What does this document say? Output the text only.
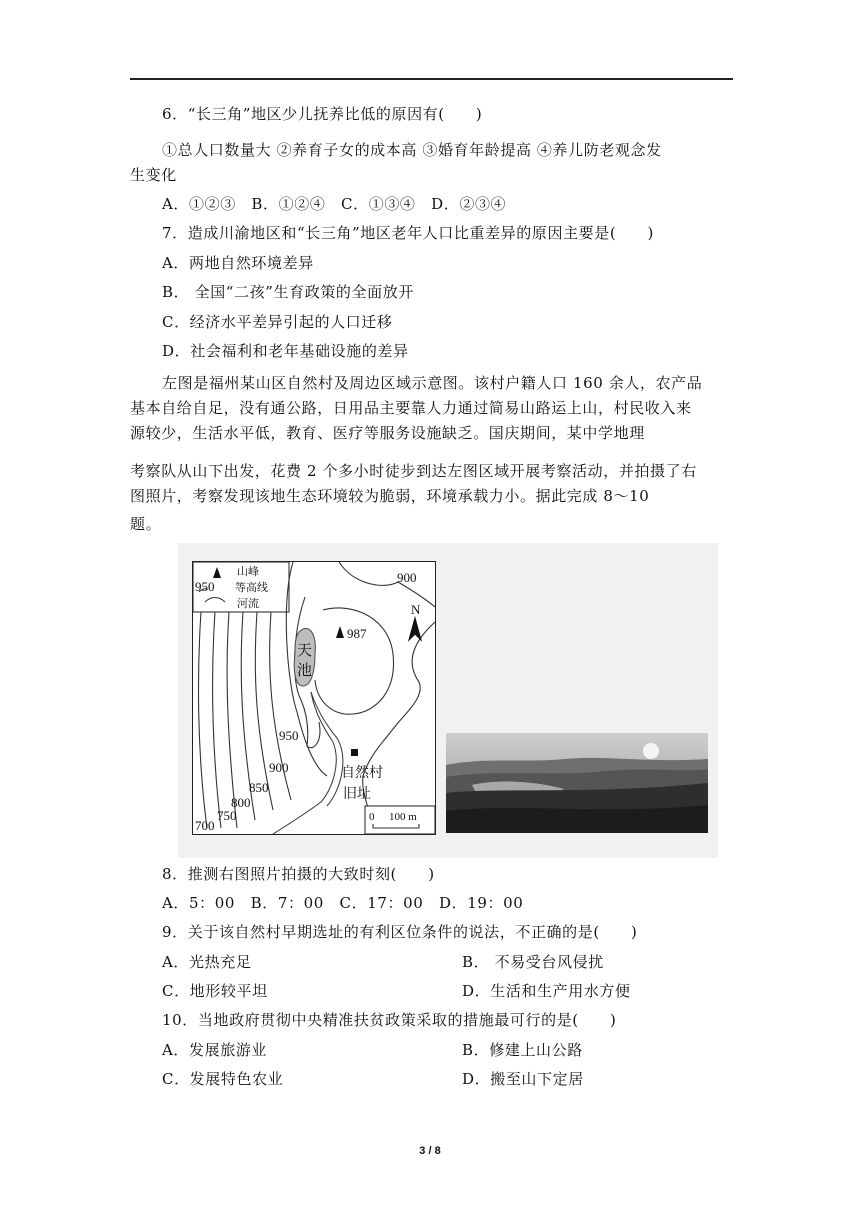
6．“长三角”地区少儿抚养比低的原因有(　　)
①总人口数量大 ②养育子女的成本高 ③婚育年龄提高 ④养儿防老观念发
生变化
A．①②③　B．①②④　C．①③④　D．②③④
7．造成川渝地区和“长三角”地区老年人口比重差异的原因主要是(　　)
A．两地自然环境差异
B． 全国“二孩”生育政策的全面放开
C．经济水平差异引起的人口迁移
D．社会福利和老年基础设施的差异
左图是福州某山区自然村及周边区域示意图。该村户籍人口 160 余人，农产品
基本自给自足，没有通公路，日用品主要靠人力通过简易山路运上山，村民收入来
源较少，生活水平低，教育、医疗等服务设施缺乏。国庆期间，某中学地理
考察队从山下出发，花费 2 个多小时徒步到达左图区域开展考察活动，并拍摄了右
图照片，考察发现该地生态环境较为脆弱，环境承载力小。据此完成 8～10
题。
山峰
950 等高线
河流
987
天
池
自然村
旧址
N
0 100 m
900
950
900
850
800
750
700
8．推测右图照片拍摄的大致时刻(　　)
A．5：00　B．7：00　C．17：00　D．19：00
9．关于该自然村早期选址的有利区位条件的说法，不正确的是(　　)
A．光热充足	B． 不易受台风侵扰
C．地形较平坦	D．生活和生产用水方便
10．当地政府贯彻中央精准扶贫政策采取的措施最可行的是(　　)
A．发展旅游业	B．修建上山公路
C．发展特色农业	D．搬至山下定居
3 / 8
